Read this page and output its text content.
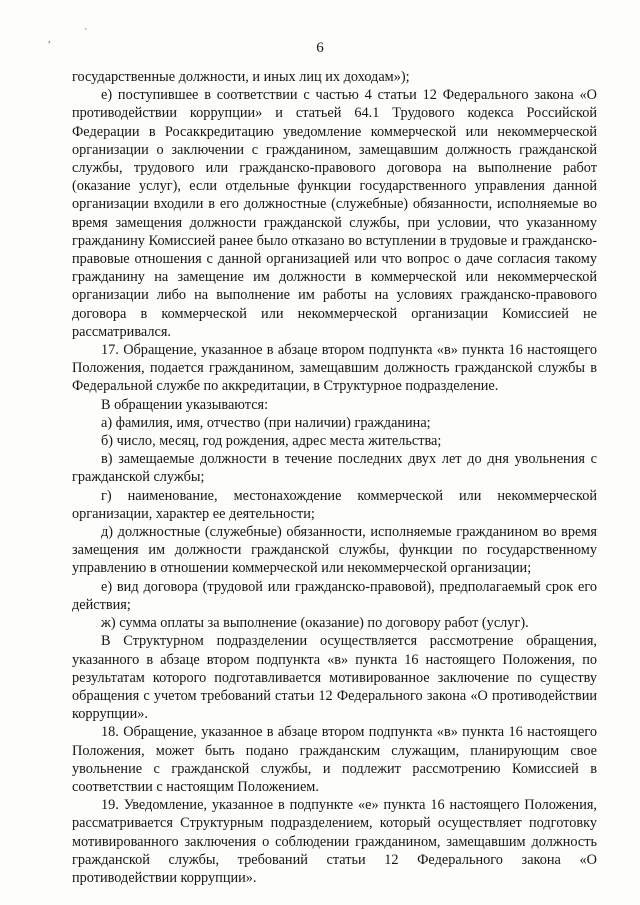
,
`
6

государственные должности, и иных лиц их доходам»);

е) поступившее в соответствии с частью 4 статьи 12 Федерального закона «О противодействии коррупции» и статьей 64.1 Трудового кодекса Российской Федерации в Росаккредитацию уведомление коммерческой или некоммерческой организации о заключении с гражданином, замещавшим должность гражданской службы, трудового или гражданско-правового договора на выполнение работ (оказание услуг), если отдельные функции государственного управления данной организации входили в его должностные (служебные) обязанности, исполняемые во время замещения должности гражданской службы, при условии, что указанному гражданину Комиссией ранее было отказано во вступлении в трудовые и гражданско-правовые отношения с данной организацией или что вопрос о даче согласия такому гражданину на замещение им должности в коммерческой или некоммерческой организации либо на выполнение им работы на условиях гражданско-правового договора в коммерческой или некоммерческой организации Комиссией не рассматривался.

17. Обращение, указанное в абзаце втором подпункта «в» пункта 16 настоящего Положения, подается гражданином, замещавшим должность гражданской службы в Федеральной службе по аккредитации, в Структурное подразделение.

В обращении указываются:

а) фамилия, имя, отчество (при наличии) гражданина;

б) число, месяц, год рождения, адрес места жительства;

в) замещаемые должности в течение последних двух лет до дня увольнения с гражданской службы;

г) наименование, местонахождение коммерческой или некоммерческой организации, характер ее деятельности;

д) должностные (служебные) обязанности, исполняемые гражданином во время замещения им должности гражданской службы, функции по государственному управлению в отношении коммерческой или некоммерческой организации;

е) вид договора (трудовой или гражданско-правовой), предполагаемый срок его действия;

ж) сумма оплаты за выполнение (оказание) по договору работ (услуг).

В Структурном подразделении осуществляется рассмотрение обращения, указанного в абзаце втором подпункта «в» пункта 16 настоящего Положения, по результатам которого подготавливается мотивированное заключение по существу обращения с учетом требований статьи 12 Федерального закона «О противодействии коррупции».

18. Обращение, указанное в абзаце втором подпункта «в» пункта 16 настоящего Положения, может быть подано гражданским служащим, планирующим свое увольнение с гражданской службы, и подлежит рассмотрению Комиссией в соответствии с настоящим Положением.

19. Уведомление, указанное в подпункте «е» пункта 16 настоящего Положения, рассматривается Структурным подразделением, который осуществляет подготовку мотивированного заключения о соблюдении гражданином, замещавшим должность гражданской службы, требований статьи 12 Федерального закона «О противодействии коррупции».
